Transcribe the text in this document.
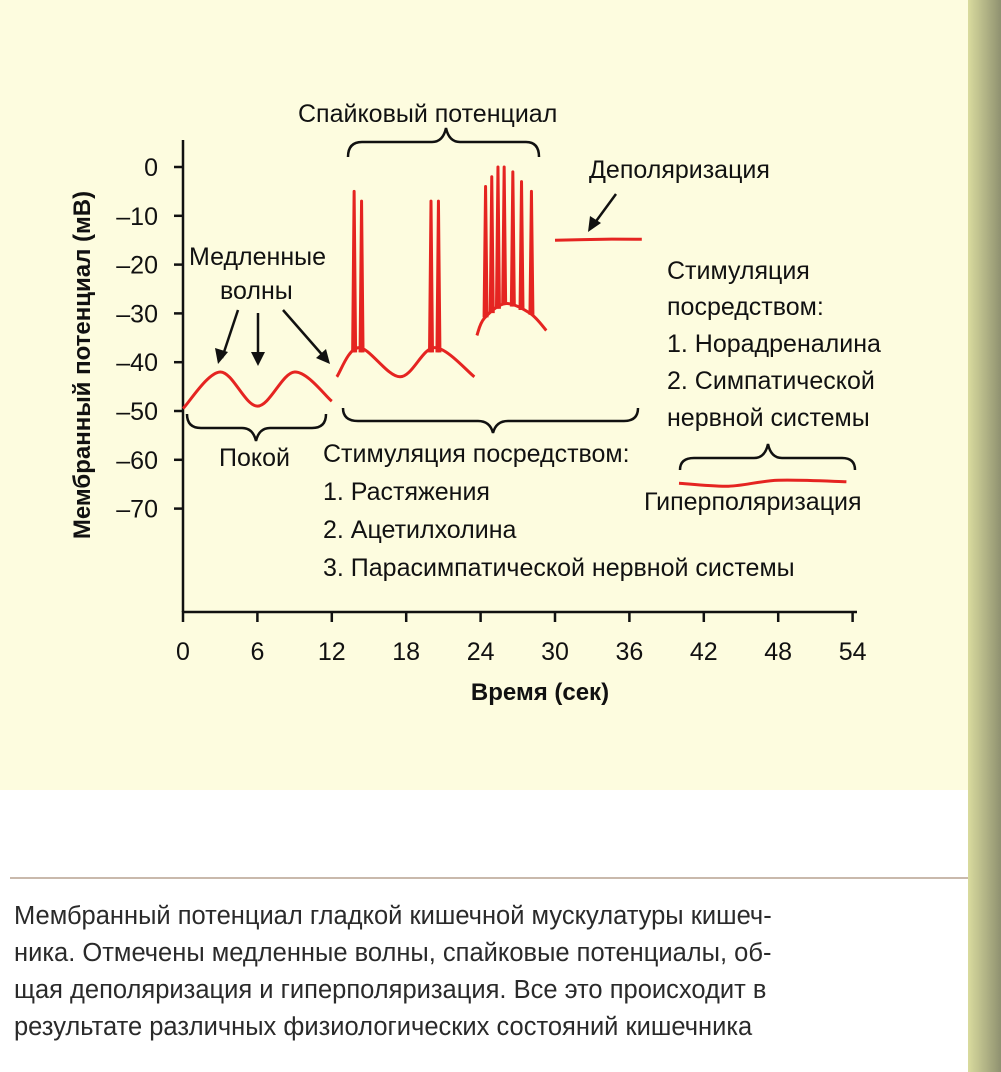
0
–10
–20
–30
–40
–50
–60
–70
0 6 12 18 24 30 36 42 48 54
Мембранный потенциал (мВ)
Время (сек)
Спайковый потенциал
Деполяризация
Медленные
волны
Покой Стимуляция посредством:
1. Растяжения
2. Ацетилхолина
3. Парасимпатической нервной системы
Стимуляция
посредством:
1. Норадреналина
2. Симпатической
нервной системы
Гиперполяризация

Мембранный потенциал гладкой кишечной мускулатуры кишеч-
ника. Отмечены медленные волны, спайковые потенциалы, об-
щая деполяризация и гиперполяризация. Все это происходит в
результате различных физиологических состояний кишечника
